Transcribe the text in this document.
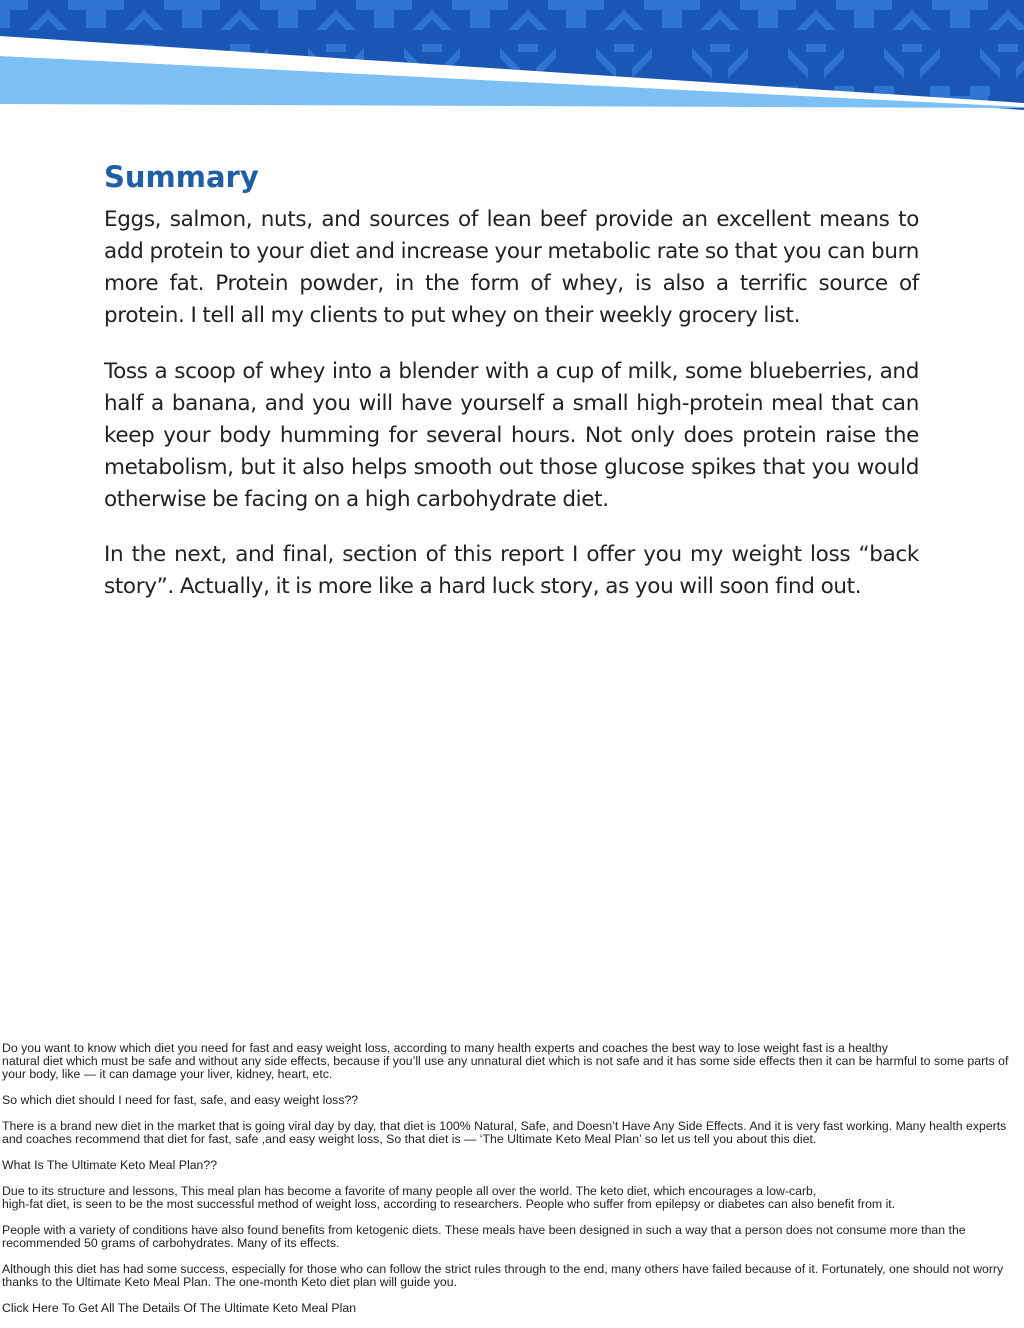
Summary

Eggs, salmon, nuts, and sources of lean beef provide an excellent means to add protein to your diet and increase your metabolic rate so that you can burn more fat. Protein powder, in the form of whey, is also a terrific source of protein. I tell all my clients to put whey on their weekly grocery list.

Toss a scoop of whey into a blender with a cup of milk, some blueberries, and half a banana, and you will have yourself a small high-protein meal that can keep your body humming for several hours. Not only does protein raise the metabolism, but it also helps smooth out those glucose spikes that you would otherwise be facing on a high carbohydrate diet.

In the next, and final, section of this report I offer you my weight loss “back story”. Actually, it is more like a hard luck story, as you will soon find out.

Do you want to know which diet you need for fast and easy weight loss, according to many health experts and coaches the best way to lose weight fast is a healthy
natural diet which must be safe and without any side effects, because if you’ll use any unnatural diet which is not safe and it has some side effects then it can be harmful to some parts of your body, like — it can damage your liver, kidney, heart, etc.

So which diet should I need for fast, safe, and easy weight loss??

There is a brand new diet in the market that is going viral day by day, that diet is 100% Natural, Safe, and Doesn’t Have Any Side Effects. And it is very fast working. Many health experts and coaches recommend that diet for fast, safe ,and easy weight loss, So that diet is — ‘The Ultimate Keto Meal Plan’ so let us tell you about this diet.

What Is The Ultimate Keto Meal Plan??

Due to its structure and lessons, This meal plan has become a favorite of many people all over the world. The keto diet, which encourages a low-carb,
high-fat diet, is seen to be the most successful method of weight loss, according to researchers. People who suffer from epilepsy or diabetes can also benefit from it.

People with a variety of conditions have also found benefits from ketogenic diets. These meals have been designed in such a way that a person does not consume more than the recommended 50 grams of carbohydrates. Many of its effects.

Although this diet has had some success, especially for those who can follow the strict rules through to the end, many others have failed because of it. Fortunately, one should not worry thanks to the Ultimate Keto Meal Plan. The one-month Keto diet plan will guide you.

Click Here To Get All The Details Of The Ultimate Keto Meal Plan
